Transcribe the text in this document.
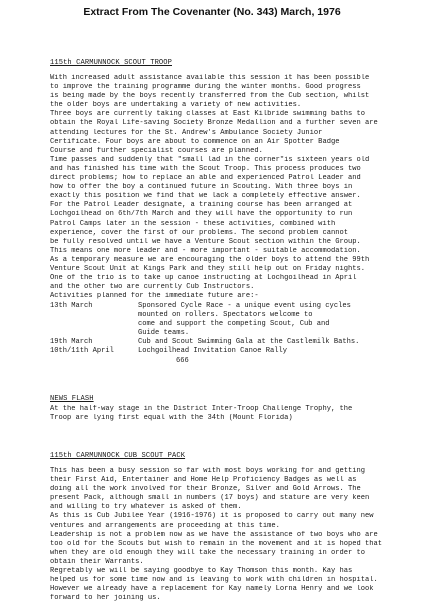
Extract From The Covenanter (No. 343) March, 1976
115th CARMUNNOCK SCOUT TROOP
With increased adult assistance available this session it has been possible
to improve the training programme during the winter months. Good progress
is being made by the boys recently transferred from the Cub section, whilst
the older boys are undertaking a variety of new activities.
Three boys are currently taking classes at East Kilbride swimming baths to
obtain the Royal Life-saving Society Bronze Medallion and a further seven are
attending lectures for the St. Andrew's Ambulance Society Junior
Certificate. Four boys are about to commence on an Air Spotter Badge
Course and further specialist courses are planned.
Time passes and suddenly that "small lad in the corner"is sixteen years old
and has finished his time with the Scout Troop. This process produces two
direct problems; how to replace an able and experienced Patrol Leader and
how to offer the boy a continued future in Scouting. With three boys in
exactly this position we find that we lack a completely effective answer.
For the Patrol Leader designate, a training course has been arranged at
Lochgoilhead on 6th/7th March and they will have the opportunity to run
Patrol Camps later in the session - these activities, combined with
experience, cover the first of our problems. The second problem cannot
be fully resolved until we have a Venture Scout section within the Group.
This means one more leader and - more important - suitable accommodation.
As a temporary measure we are encouraging the older boys to attend the 99th
Venture Scout Unit at Kings Park and they still help out on Friday nights.
One of the trio is to take up canoe instructing at Lochgoilhead in April
and the other two are currently Cub Instructors.
Activities planned for the immediate future are:-
13th March	Sponsored Cycle Race - a unique event using cycles
mounted on rollers. Spectators welcome to
come and support the competing Scout, Cub and
Guide teams.
19th March	Cub and Scout Swimming Gala at the Castlemilk Baths.
10th/11th April	Lochgoilhead Invitation Canoe Rally
666
NEWS FLASH
At the half-way stage in the District Inter-Troop Challenge Trophy, the
Troop are lying first equal with the 34th (Mount Florida)
115th CARMUNNOCK CUB SCOUT PACK
This has been a busy session so far with most boys working for and getting
their First Aid, Entertainer and Home Help Proficiency Badges as well as
doing all the work involved for their Bronze, Silver and Gold Arrows. The
present Pack, although small in numbers (17 boys) and stature are very keen
and willing to try whatever is asked of them.
As this is Cub Jubilee Year (1916-1976) it is proposed to carry out many new
ventures and arrangements are proceeding at this time.
Leadership is not a problem now as we have the assistance of two boys who are
too old for the Scouts but wish to remain in the movement and it is hoped that
when they are old enough they will take the necessary training in order to
obtain their Warrants.
Regretably we will be saying goodbye to Kay Thomson this month. Kay has
helped us for some time now and is leaving to work with children in hospital.
However we already have a replacement for Kay namely Lorna Henry and we look
forward to her joining us.
